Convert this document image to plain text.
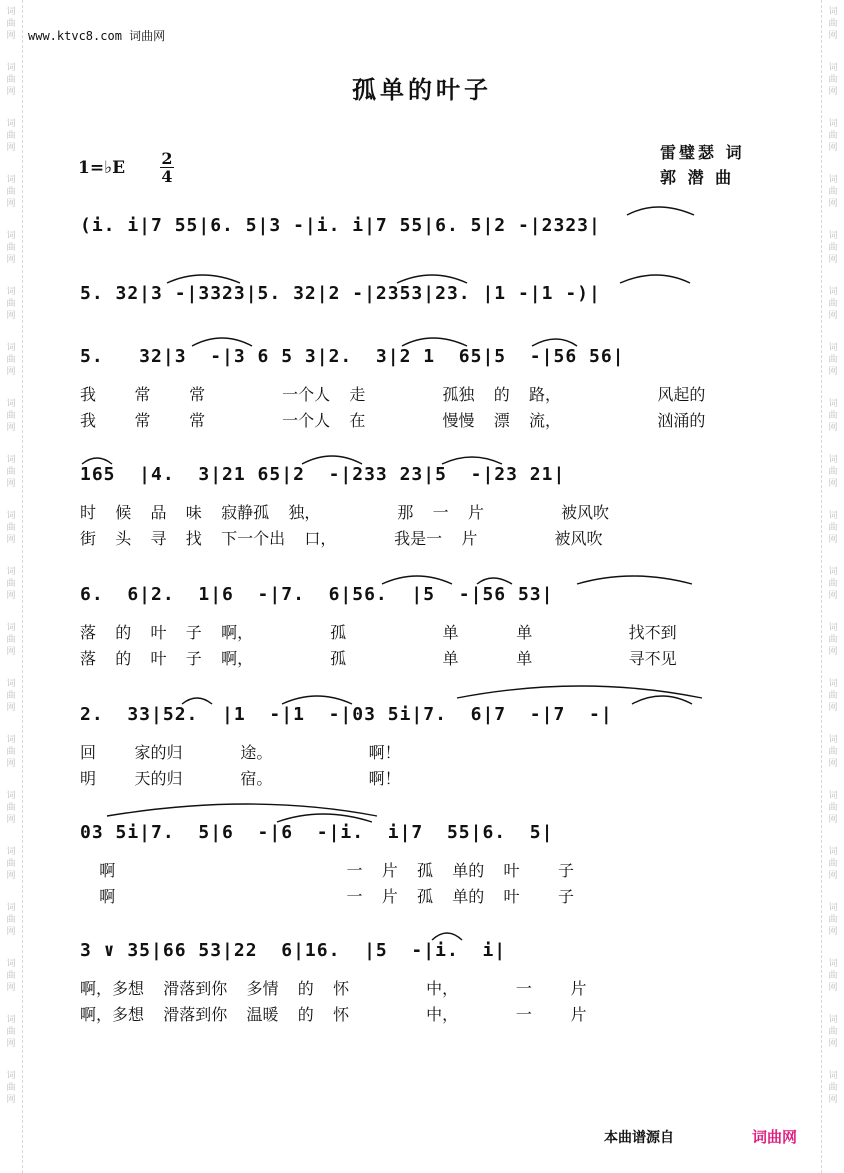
词曲网
词曲网
词曲网
词曲网
词曲网
词曲网
词曲网
词曲网
词曲网
词曲网
词曲网
词曲网
词曲网
词曲网
词曲网
词曲网
词曲网
词曲网
词曲网
词曲网
词曲网
词曲网
词曲网
词曲网
词曲网
词曲网
词曲网
词曲网
词曲网
词曲网
词曲网
词曲网
词曲网
词曲网
词曲网
词曲网
词曲网
词曲网
词曲网
词曲网
www.ktvc8.com 词曲网
孤单的叶子
1=♭E 2
4
雷璧瑟 词
郭 潜 曲
(i. i|7 55|6. 5|3 -|i. i|7 55|6. 5|2 -|2323|
5. 32|3 -|3323|5. 32|2 -|2353|23. |1 -|1 -)|
5.   32|3  -|3 6 5 3|2.  3|2 1  65|5  -|56 56|
我    常    常        一个人  走        孤独  的  路，          风起的
我    常    常        一个人  在        慢慢  漂  流，          汹涌的
165  |4.  3|21 65|2  -|233 23|5  -|23 21|
时  候  品  味  寂静孤  独，        那  一  片        被风吹
街  头  寻  找  下一个出  口，      我是一  片        被风吹
6.  6|2.  1|6  -|7.  6|56.  |5  -|56 53|
落  的  叶  子  啊，        孤          单      单          找不到
落  的  叶  子  啊，        孤          单      单          寻不见
2.  33|52.  |1  -|1  -|03 5i|7.  6|7  -|7  -|
回    家的归      途。          啊！
明    天的归      宿。          啊！
03 5i|7.  5|6  -|6  -|i.  i|7  55|6.  5|
啊                        一  片  孤  单的  叶    子
啊                        一  片  孤  单的  叶    子
3 ∨ 35|66 53|22  6|16.  |5  -|i.  i|
啊，多想  滑落到你  多情  的  怀        中，      一    片
啊，多想  滑落到你  温暖  的  怀        中，      一    片
本曲谱源自	词曲网
